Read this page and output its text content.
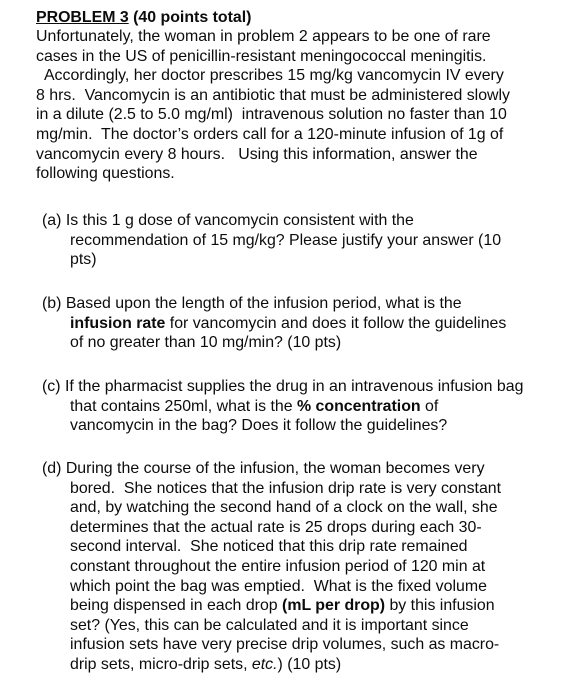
PROBLEM 3 (40 points total)
Unfortunately, the woman in problem 2 appears to be one of rare
cases in the US of penicillin-resistant meningococcal meningitis.
Accordingly, her doctor prescribes 15 mg/kg vancomycin IV every
8 hrs.  Vancomycin is an antibiotic that must be administered slowly
in a dilute (2.5 to 5.0 mg/ml)  intravenous solution no faster than 10
mg/min.  The doctor’s orders call for a 120-minute infusion of 1g of
vancomycin every 8 hours.   Using this information, answer the
following questions.
(a) Is this 1 g dose of vancomycin consistent with the
recommendation of 15 mg/kg? Please justify your answer (10
pts)
(b) Based upon the length of the infusion period, what is the
infusion rate for vancomycin and does it follow the guidelines
of no greater than 10 mg/min? (10 pts)
(c) If the pharmacist supplies the drug in an intravenous infusion bag
that contains 250ml, what is the % concentration of
vancomycin in the bag? Does it follow the guidelines?
(d) During the course of the infusion, the woman becomes very
bored.  She notices that the infusion drip rate is very constant
and, by watching the second hand of a clock on the wall, she
determines that the actual rate is 25 drops during each 30-
second interval.  She noticed that this drip rate remained
constant throughout the entire infusion period of 120 min at
which point the bag was emptied.  What is the fixed volume
being dispensed in each drop (mL per drop) by this infusion
set? (Yes, this can be calculated and it is important since
infusion sets have very precise drip volumes, such as macro-
drip sets, micro-drip sets, etc.) (10 pts)
